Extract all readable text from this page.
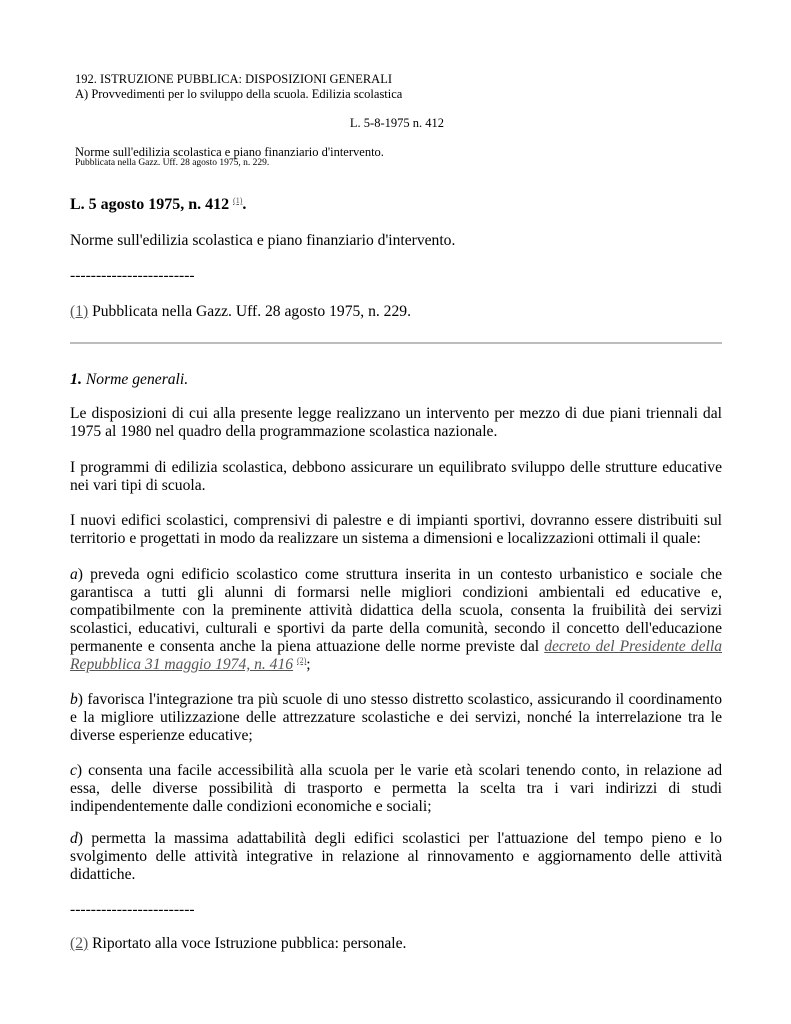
192. ISTRUZIONE PUBBLICA: DISPOSIZIONI GENERALI
A) Provvedimenti per lo sviluppo della scuola. Edilizia scolastica
L. 5-8-1975 n. 412
Norme sull'edilizia scolastica e piano finanziario d'intervento.
Pubblicata nella Gazz. Uff. 28 agosto 1975, n. 229.
L. 5 agosto 1975, n. 412 $^{(1)}$.
Norme sull'edilizia scolastica e piano finanziario d'intervento.
------------------------
(1) Pubblicata nella Gazz. Uff. 28 agosto 1975, n. 229.
1. Norme generali.
Le disposizioni di cui alla presente legge realizzano un intervento per mezzo di due piani triennali dal 1975 al 1980 nel quadro della programmazione scolastica nazionale.
I programmi di edilizia scolastica, debbono assicurare un equilibrato sviluppo delle strutture educative nei vari tipi di scuola.
I nuovi edifici scolastici, comprensivi di palestre e di impianti sportivi, dovranno essere distribuiti sul territorio e progettati in modo da realizzare un sistema a dimensioni e localizzazioni ottimali il quale:
a) preveda ogni edificio scolastico come struttura inserita in un contesto urbanistico e sociale che garantisca a tutti gli alunni di formarsi nelle migliori condizioni ambientali ed educative e, compatibilmente con la preminente attività didattica della scuola, consenta la fruibilità dei servizi scolastici, educativi, culturali e sportivi da parte della comunità, secondo il concetto dell'educazione permanente e consenta anche la piena attuazione delle norme previste dal decreto del Presidente della Repubblica 31 maggio 1974, n. 416 $^{(2)}$;
b) favorisca l'integrazione tra più scuole di uno stesso distretto scolastico, assicurando il coordinamento e la migliore utilizzazione delle attrezzature scolastiche e dei servizi, nonché la interrelazione tra le diverse esperienze educative;
c) consenta una facile accessibilità alla scuola per le varie età scolari tenendo conto, in relazione ad essa, delle diverse possibilità di trasporto e permetta la scelta tra i vari indirizzi di studi indipendentemente dalle condizioni economiche e sociali;
d) permetta la massima adattabilità degli edifici scolastici per l'attuazione del tempo pieno e lo svolgimento delle attività integrative in relazione al rinnovamento e aggiornamento delle attività didattiche.
------------------------
(2) Riportato alla voce Istruzione pubblica: personale.
